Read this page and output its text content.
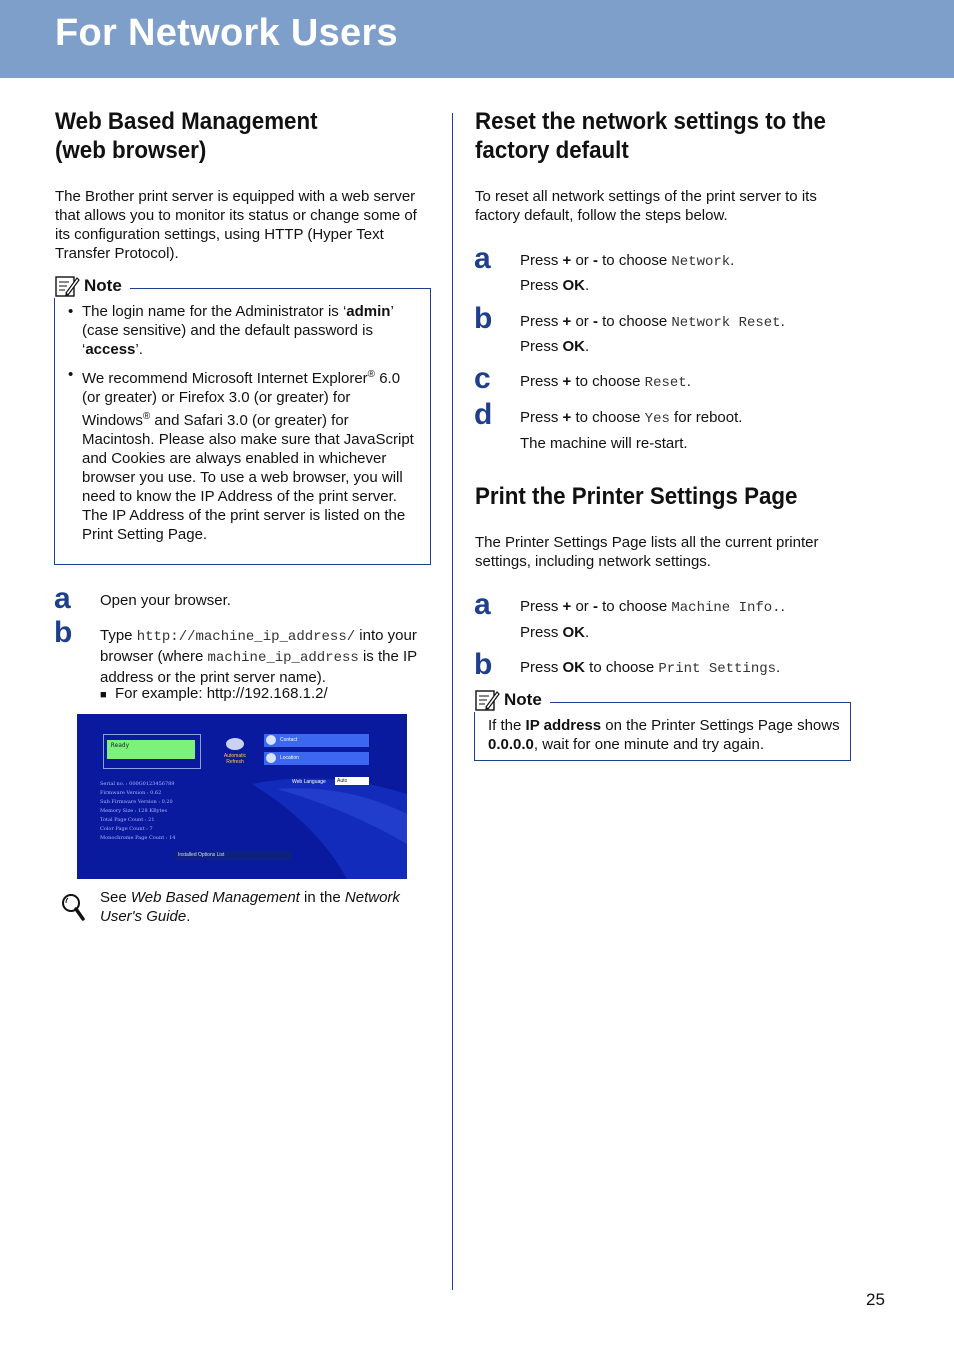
For Network Users
Web Based Management
(web browser)

The Brother print server is equipped with a web server that allows you to monitor its status or change some of its configuration settings, using HTTP (Hyper Text Transfer Protocol).

Note
• The login name for the Administrator is ‘admin’ (case sensitive) and the default password is ‘access’.
• We recommend Microsoft Internet Explorer® 6.0 (or greater) or Firefox 3.0 (or greater) for Windows® and Safari 3.0 (or greater) for Macintosh. Please also make sure that JavaScript and Cookies are always enabled in whichever browser you use. To use a web browser, you will need to know the IP Address of the print server. The IP Address of the print server is listed on the Print Setting Page.
a Open your browser.

b Type http://machine_ip_address/ into your browser (where machine_ip_address is the IP address or the print server name).

■ For example: http://192.168.1.2/

Ready
Automatic Refresh
Contact
Location
Web Language	Auto
Serial no. : 000G0123456789
Firmware Version : 0.62
Sub Firmware Version : 0.20
Memory Size : 128 KBytes
Total Page Count : 21
Color Page Count : 7
Monochrome Page Count : 14
Installed Options List

See Web Based Management in the Network User's Guide.

Reset the network settings to the
factory default

To reset all network settings of the print server to its factory default, follow the steps below.

a Press + or - to choose Network.

Press OK.

b Press + or - to choose Network Reset.

Press OK.

c Press + to choose Reset.

d Press + to choose Yes for reboot.

The machine will re-start.

Print the Printer Settings Page

The Printer Settings Page lists all the current printer settings, including network settings.

a Press + or - to choose Machine Info..

Press OK.

b Press OK to choose Print Settings.

Note

If the IP address on the Printer Settings Page shows 0.0.0.0, wait for one minute and try again.

25
